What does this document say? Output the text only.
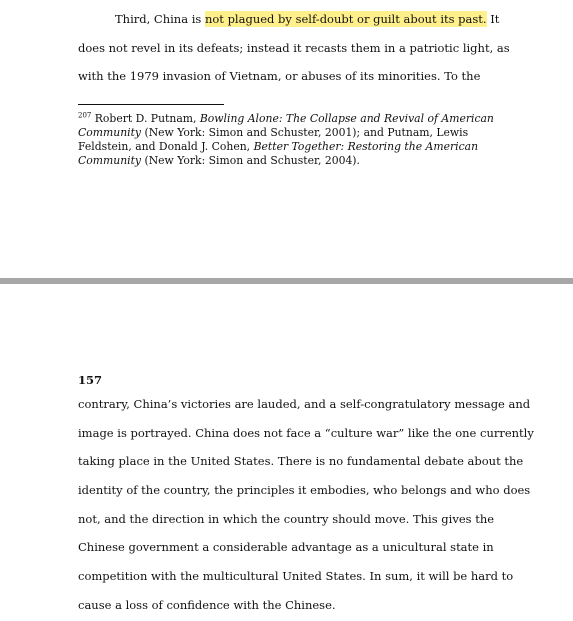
Third, China is not plagued by self-doubt or guilt about its past. It
does not revel in its defeats; instead it recasts them in a patriotic light, as
with the 1979 invasion of Vietnam, or abuses of its minorities. To the
$^{207}$ Robert D. Putnam, Bowling Alone: The Collapse and Revival of American
Community (New York: Simon and Schuster, 2001); and Putnam, Lewis
Feldstein, and Donald J. Cohen, Better Together: Restoring the American
Community (New York: Simon and Schuster, 2004).
157
contrary, China’s victories are lauded, and a self-congratulatory message and
image is portrayed. China does not face a “culture war” like the one currently
taking place in the United States. There is no fundamental debate about the
identity of the country, the principles it embodies, who belongs and who does
not, and the direction in which the country should move. This gives the
Chinese government a considerable advantage as a unicultural state in
competition with the multicultural United States. In sum, it will be hard to
cause a loss of confidence with the Chinese.
